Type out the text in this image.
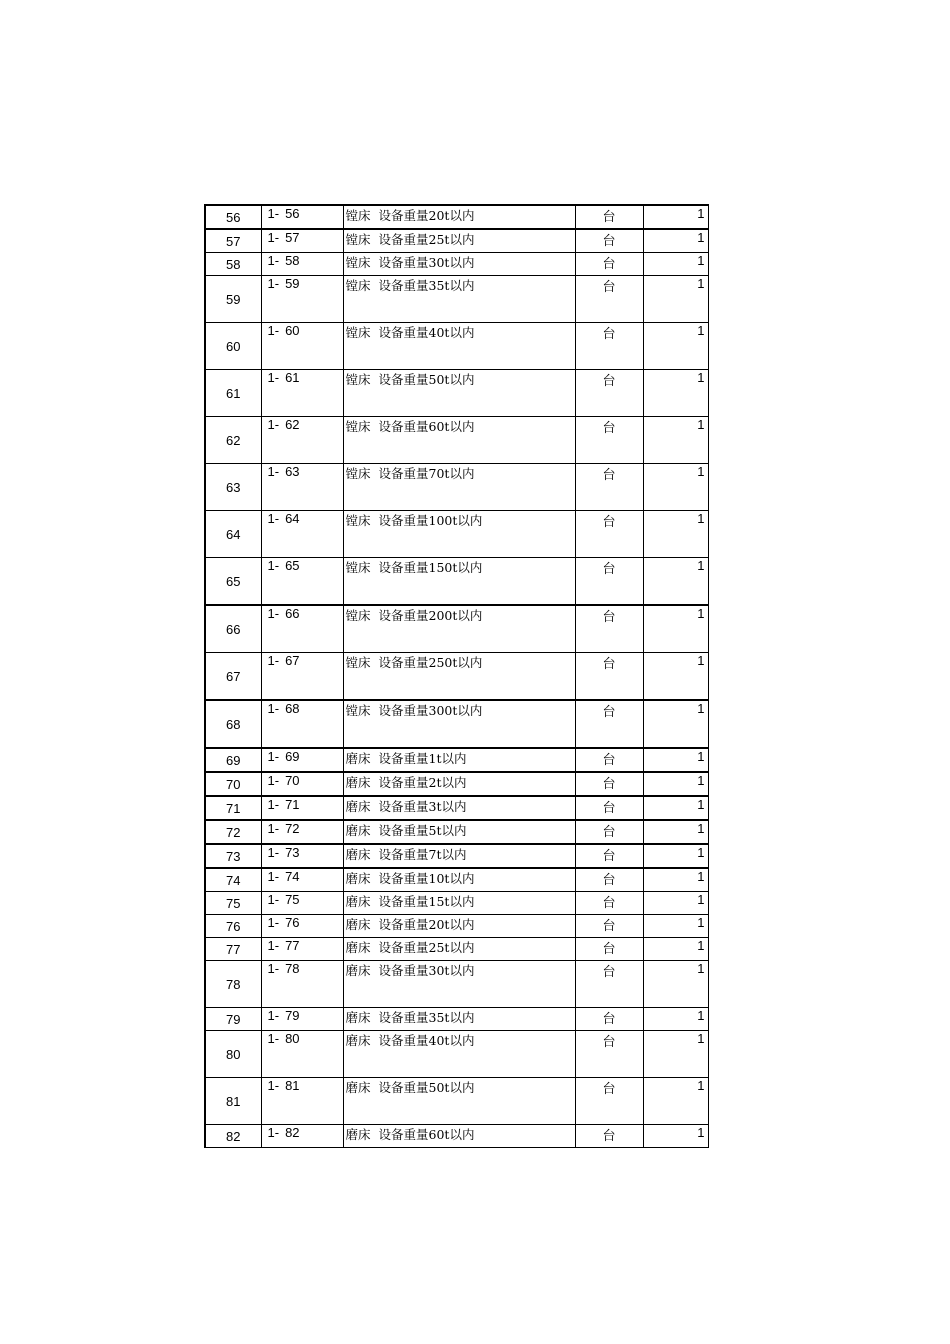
56	1- 56	镗床 设备重量20t以内	台	1
57	1- 57	镗床 设备重量25t以内	台	1
58	1- 58	镗床 设备重量30t以内	台	1
59	1- 59	镗床 设备重量35t以内	台	1
60	1- 60	镗床 设备重量40t以内	台	1
61	1- 61	镗床 设备重量50t以内	台	1
62	1- 62	镗床 设备重量60t以内	台	1
63	1- 63	镗床 设备重量70t以内	台	1
64	1- 64	镗床 设备重量100t以内	台	1
65	1- 65	镗床 设备重量150t以内	台	1
66	1- 66	镗床 设备重量200t以内	台	1
67	1- 67	镗床 设备重量250t以内	台	1
68	1- 68	镗床 设备重量300t以内	台	1
69	1- 69	磨床 设备重量1t以内	台	1
70	1- 70	磨床 设备重量2t以内	台	1
71	1- 71	磨床 设备重量3t以内	台	1
72	1- 72	磨床 设备重量5t以内	台	1
73	1- 73	磨床 设备重量7t以内	台	1
74	1- 74	磨床 设备重量10t以内	台	1
75	1- 75	磨床 设备重量15t以内	台	1
76	1- 76	磨床 设备重量20t以内	台	1
77	1- 77	磨床 设备重量25t以内	台	1
78	1- 78	磨床 设备重量30t以内	台	1
79	1- 79	磨床 设备重量35t以内	台	1
80	1- 80	磨床 设备重量40t以内	台	1
81	1- 81	磨床 设备重量50t以内	台	1
82	1- 82	磨床 设备重量60t以内	台	1
